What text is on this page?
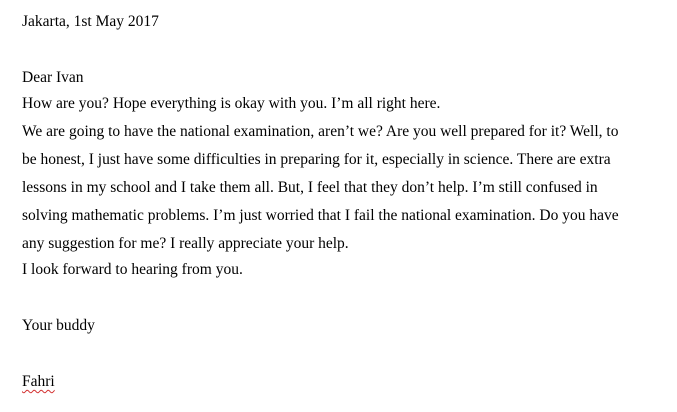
Jakarta, 1st May 2017
Dear Ivan
How are you? Hope everything is okay with you. I’m all right here.
We are going to have the national examination, aren’t we? Are you well prepared for it? Well, to
be honest, I just have some difficulties in preparing for it, especially in science. There are extra
lessons in my school and I take them all. But, I feel that they don’t help. I’m still confused in
solving mathematic problems. I’m just worried that I fail the national examination. Do you have
any suggestion for me? I really appreciate your help.
I look forward to hearing from you.
Your buddy
Fahri
